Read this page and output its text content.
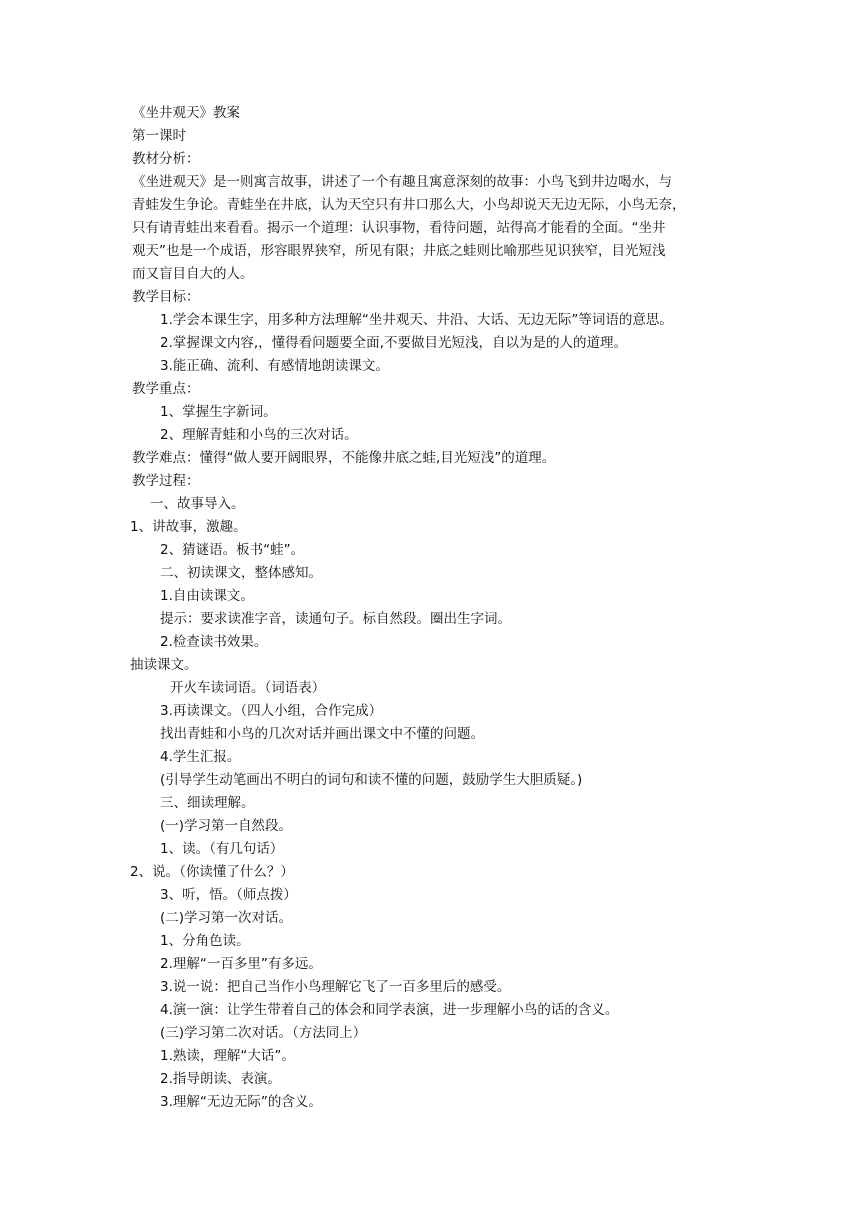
《坐井观天》教案
第一课时
教材分析：
《坐进观天》是一则寓言故事，讲述了一个有趣且寓意深刻的故事：小鸟飞到井边喝水，与
青蛙发生争论。青蛙坐在井底，认为天空只有井口那么大，小鸟却说天无边无际，小鸟无奈，
只有请青蛙出来看看。揭示一个道理：认识事物，看待问题，站得高才能看的全面。“坐井
观天”也是一个成语，形容眼界狭窄，所见有限；井底之蛙则比喻那些见识狭窄，目光短浅
而又盲目自大的人。
教学目标：
1.学会本课生字，用多种方法理解“坐井观天、井沿、大话、无边无际”等词语的意思。
2.掌握课文内容,，懂得看问题要全面,不要做目光短浅，自以为是的人的道理。
3.能正确、流利、有感情地朗读课文。
教学重点：
1、掌握生字新词。
2、理解青蛙和小鸟的三次对话。
教学难点：懂得“做人要开阔眼界，不能像井底之蛙,目光短浅”的道理。
教学过程：
一、故事导入。
1、讲故事，激趣。
2、猜谜语。板书“蛙”。
二、初读课文，整体感知。
1.自由读课文。
提示：要求读准字音，读通句子。标自然段。圈出生字词。
2.检查读书效果。
抽读课文。
开火车读词语。（词语表）
3.再读课文。（四人小组，合作完成）
找出青蛙和小鸟的几次对话并画出课文中不懂的问题。
4.学生汇报。
(引导学生动笔画出不明白的词句和读不懂的问题，鼓励学生大胆质疑。)
三、细读理解。
(一)学习第一自然段。
1、读。（有几句话）
2、说。（你读懂了什么？）
3、听，悟。（师点拨）
(二)学习第一次对话。
1、分角色读。
2.理解“一百多里”有多远。
3.说一说：把自己当作小鸟理解它飞了一百多里后的感受。
4.演一演：让学生带着自己的体会和同学表演，进一步理解小鸟的话的含义。
(三)学习第二次对话。（方法同上）
1.熟读，理解“大话”。
2.指导朗读、表演。
3.理解“无边无际”的含义。
